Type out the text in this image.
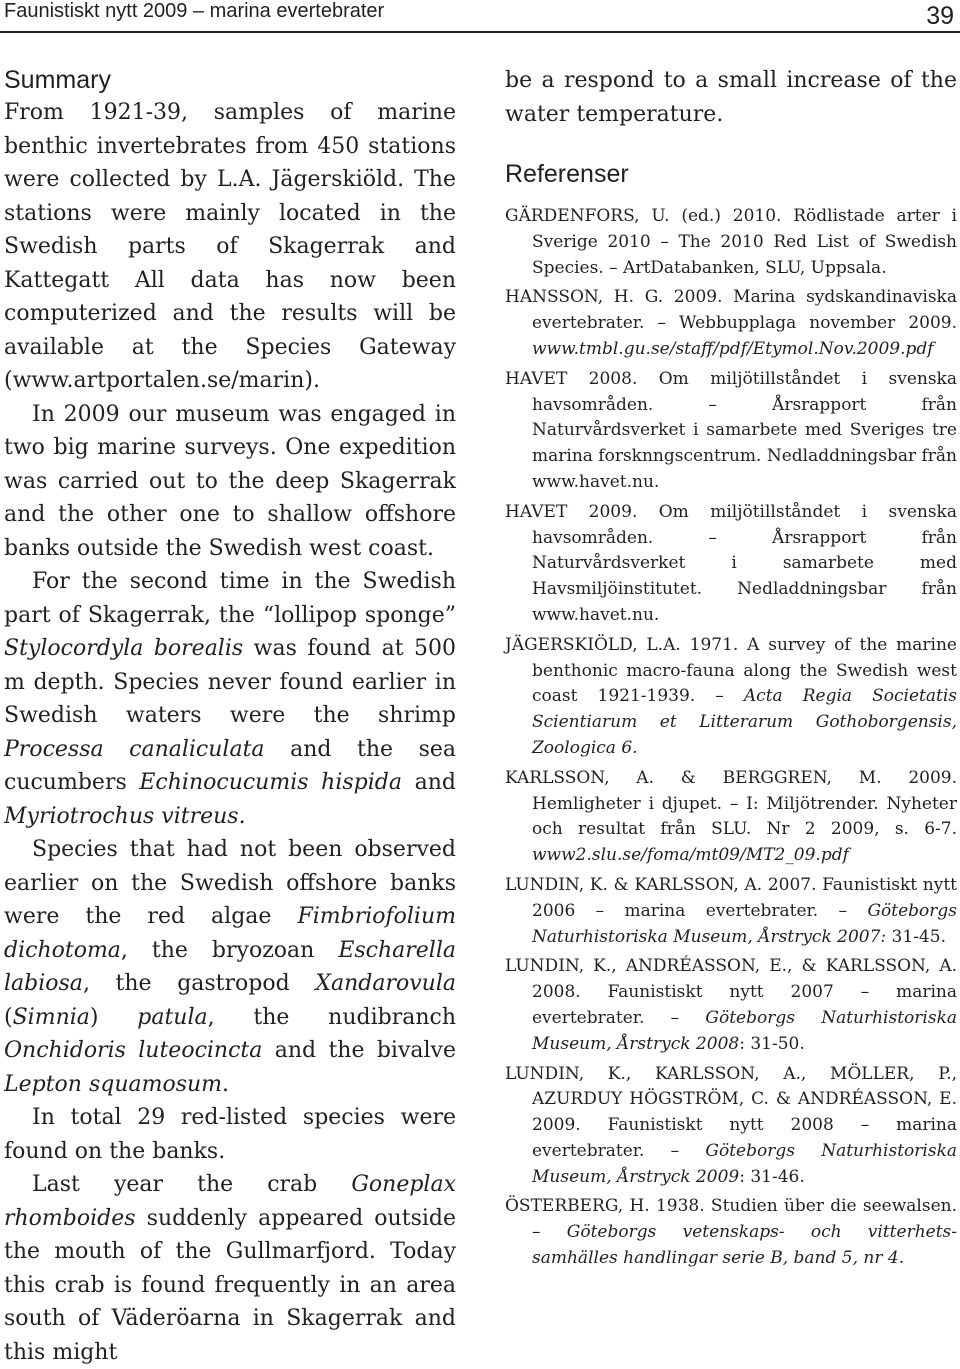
Faunistiskt nytt 2009 – marina evertebrater	39
Summary

From 1921-39, samples of marine benthic invertebrates from 450 stations were collected by L.A. Jägerskiöld. The stations were mainly located in the Swedish parts of Skagerrak and Kattegatt All data has now been computerized and the results will be available at the Species Gateway (www.artportalen.se/marin).

In 2009 our museum was engaged in two big marine surveys. One expedition was carried out to the deep Skagerrak and the other one to shallow offshore banks outside the Swedish west coast.

For the second time in the Swedish part of Skagerrak, the “lollipop sponge” Stylocordyla borealis was found at 500 m depth. Species never found earlier in Swedish waters were the shrimp Processa canaliculata and the sea cucumbers Echinocucumis hispida and Myriotrochus vitreus.

Species that had not been observed earlier on the Swedish offshore banks were the red algae Fimbriofolium dichotoma, the bryozoan Escharella labiosa, the gastropod Xandarovula (Simnia) patula, the nudibranch Onchidoris luteocincta and the bivalve Lepton squamosum.

In total 29 red-listed species were found on the banks.

Last year the crab Goneplax rhomboides suddenly appeared outside the mouth of the Gullmarfjord. Today this crab is found frequently in an area south of Väderöarna in Skagerrak and this might

be a respond to a small increase of the water temperature.

Referenser

GÄRDENFORS, U. (ed.) 2010. Rödlistade arter i Sverige 2010 – The 2010 Red List of Swedish Species. – ArtDatabanken, SLU, Uppsala.

HANSSON, H. G. 2009. Marina sydskandinaviska evertebrater. – Webbupplaga november 2009. www.tmbl.gu.se/staff/pdf/Etymol.Nov.2009.pdf

HAVET 2008. Om miljötillståndet i svenska havsområden. – Årsrapport från Naturvårdsverket i samarbete med Sveriges tre marina forsknngscentrum. Nedladdningsbar från www.havet.nu.

HAVET 2009. Om miljötillståndet i svenska havsområden. – Årsrapport från Naturvårdsverket i samarbete med Havsmiljöinstitutet. Nedladdningsbar från www.havet.nu.

JÄGERSKIÖLD, L.A. 1971. A survey of the marine benthonic macro-fauna along the Swedish west coast 1921-1939. – Acta Regia Societatis Scientiarum et Litterarum Gothoborgensis, Zoologica 6.

KARLSSON, A. & BERGGREN, M. 2009. Hemligheter i djupet. – I: Miljötrender. Nyheter och resultat från SLU. Nr 2 2009, s. 6-7. www2.slu.se/foma/mt09/MT2_09.pdf

LUNDIN, K. & KARLSSON, A. 2007. Faunistiskt nytt 2006 – marina evertebrater. – Göteborgs Naturhistoriska Museum, Årstryck 2007: 31-45.

LUNDIN, K., ANDRÉASSON, E., & KARLSSON, A. 2008. Faunistiskt nytt 2007 – marina evertebrater. – Göteborgs Naturhistoriska Museum, Årstryck 2008: 31-50.

LUNDIN, K., KARLSSON, A., MÖLLER, P., AZURDUY HÖGSTRÖM, C. & ANDRÉASSON, E. 2009. Faunistiskt nytt 2008 – marina evertebrater. – Göteborgs Naturhistoriska Museum, Årstryck 2009: 31-46.

ÖSTERBERG, H. 1938. Studien über die seewalsen. – Göteborgs vetenskaps- och vitterhets-samhälles handlingar serie B, band 5, nr 4.
